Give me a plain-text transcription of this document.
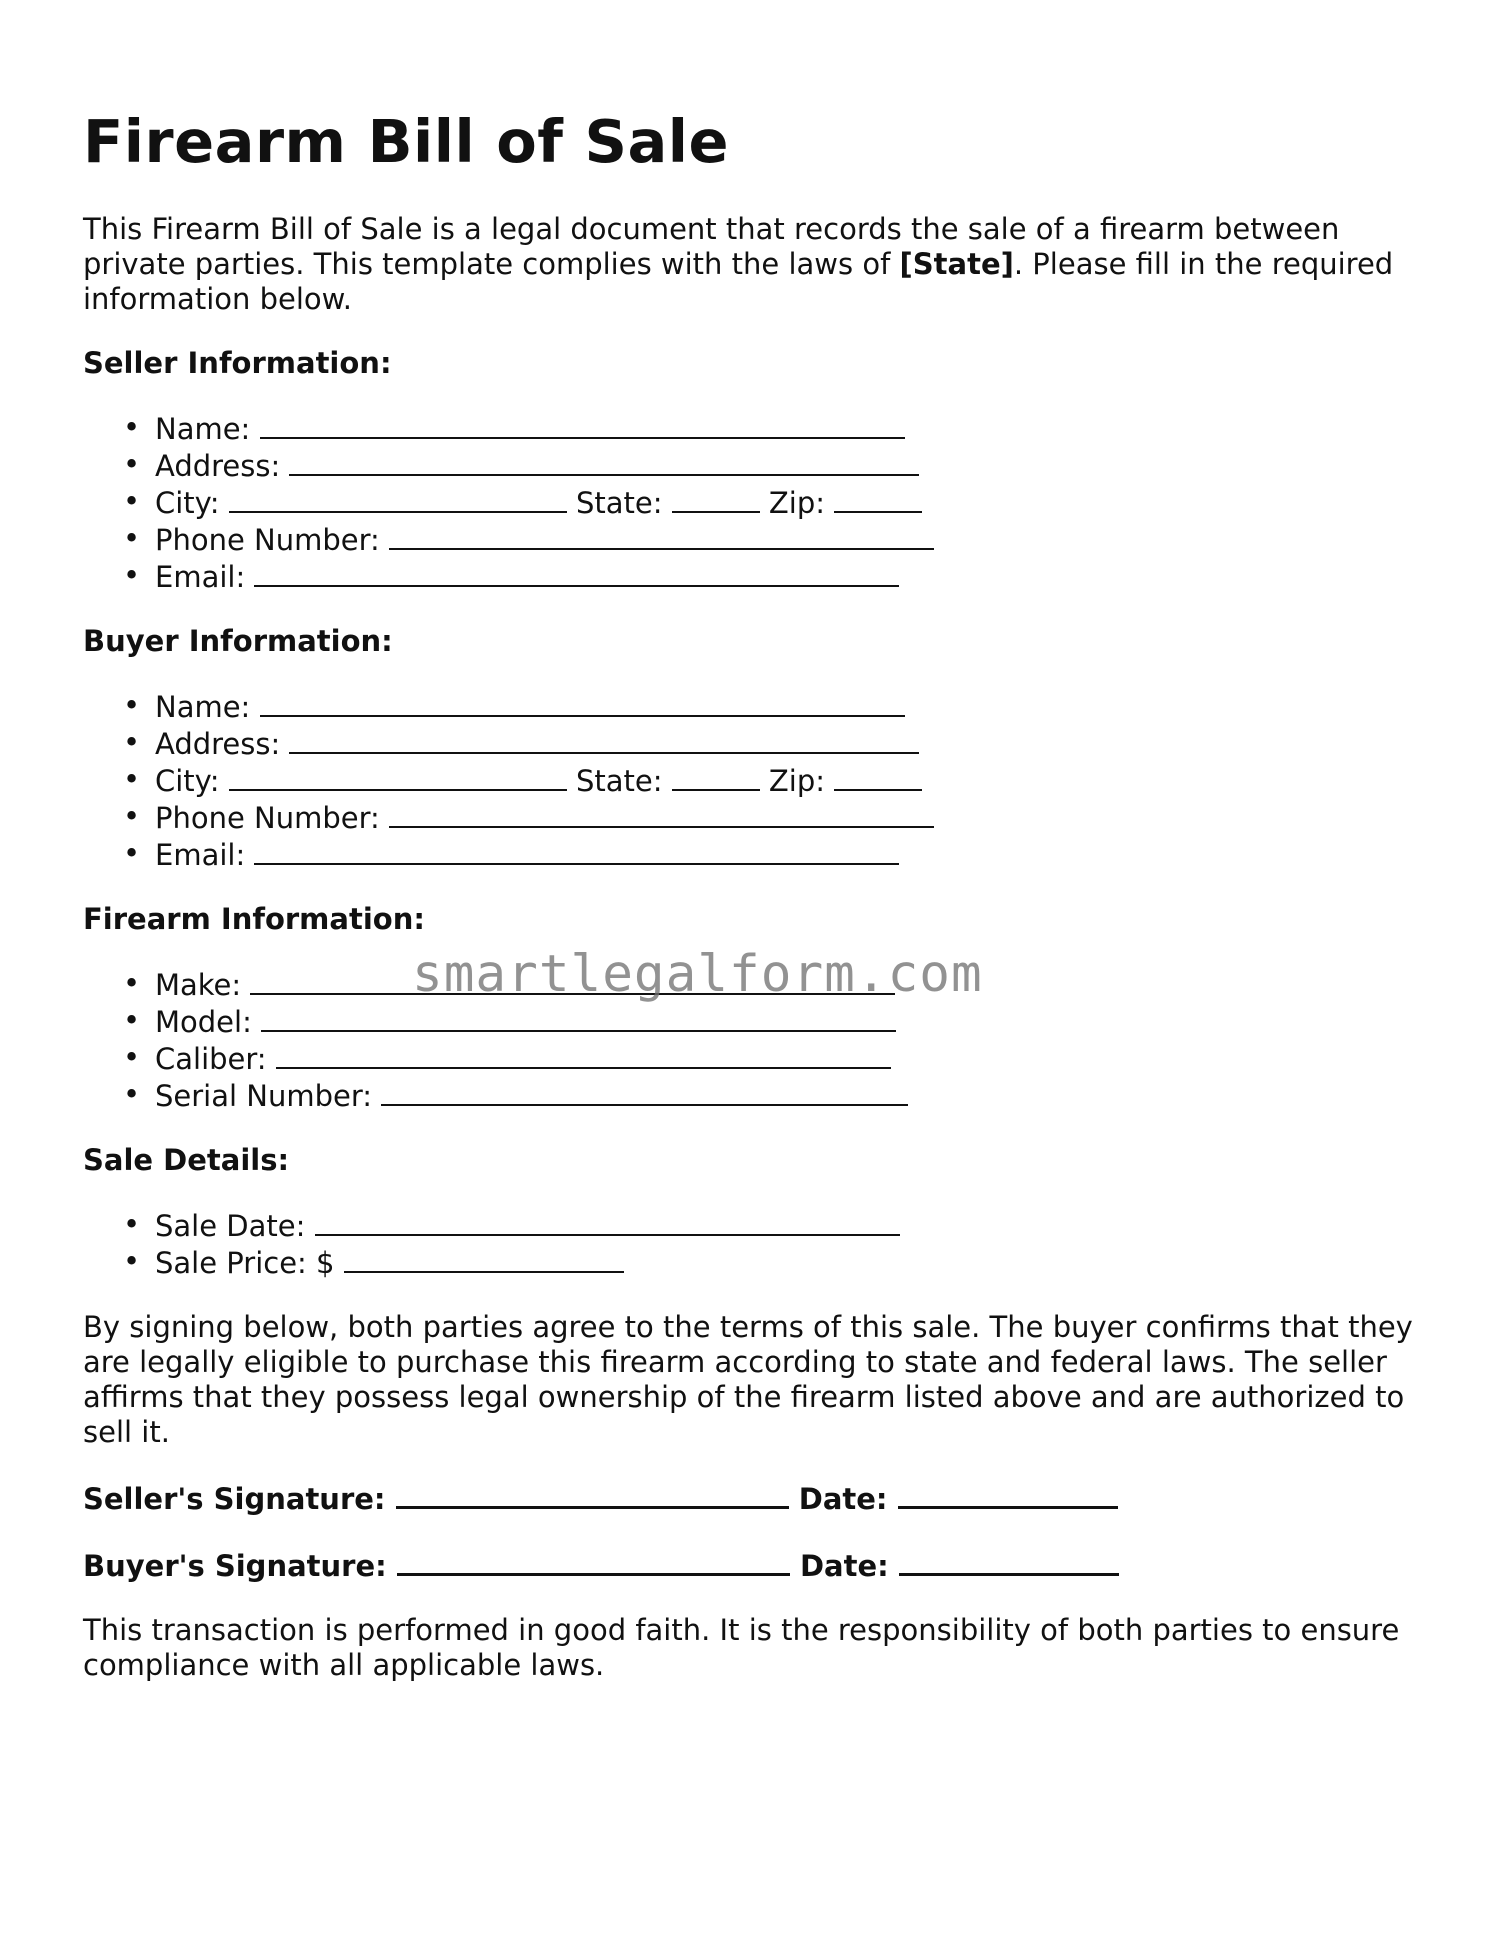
Firearm Bill of Sale

This Firearm Bill of Sale is a legal document that records the sale of a firearm between private parties. This template complies with the laws of [State]. Please fill in the required information below.

Seller Information:
• Name:
• Address:
• City:	State:	Zip:
• Phone Number:
• Email:
Buyer Information:
• Name:
• Address:
• City:	State:	Zip:
• Phone Number:
• Email:
Firearm Information:
• Make:
• Model:
• Caliber:
• Serial Number:
Sale Details:
• Sale Date:
• Sale Price: $

By signing below, both parties agree to the terms of this sale. The buyer confirms that they are legally eligible to purchase this firearm according to state and federal laws. The seller affirms that they possess legal ownership of the firearm listed above and are authorized to sell it.

Seller's Signature:	Date:
Buyer's Signature:	Date:

This transaction is performed in good faith. It is the responsibility of both parties to ensure compliance with all applicable laws.

smartlegalform.com
